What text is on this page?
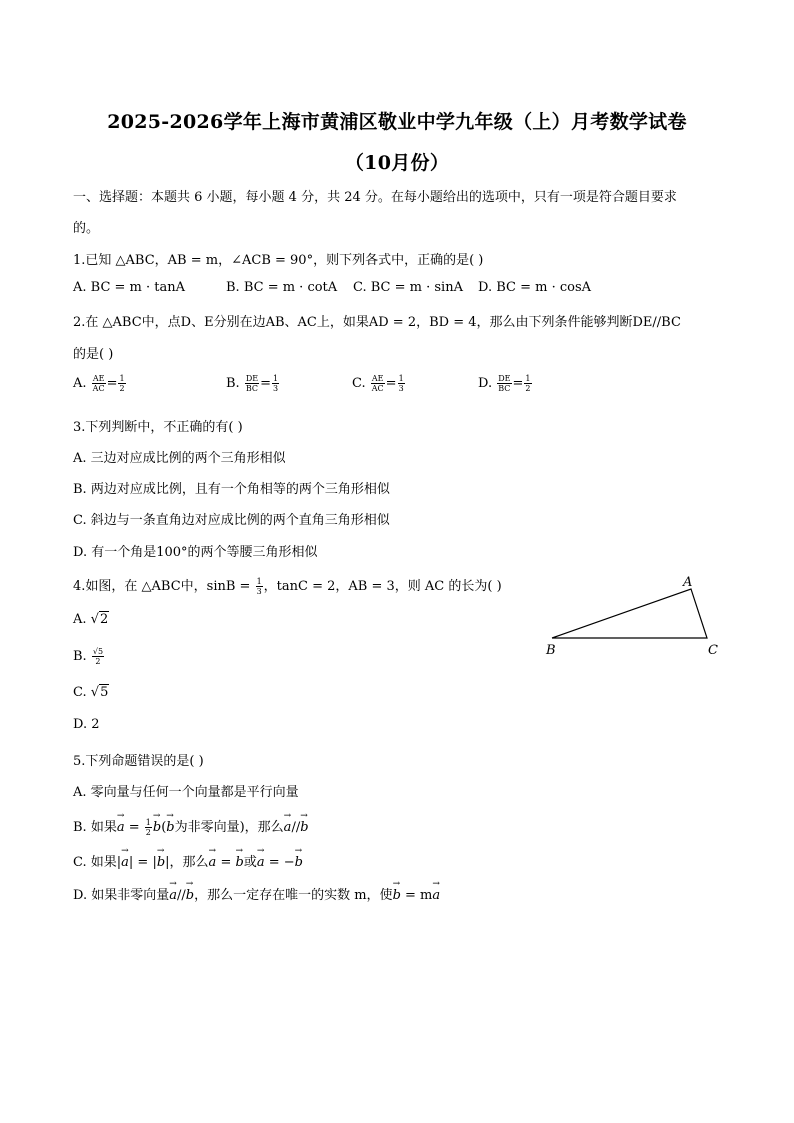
2025-2026学年上海市黄浦区敬业中学九年级（上）月考数学试卷
（10月份）
一、选择题：本题共 6 小题，每小题 4 分，共 24 分。在每小题给出的选项中，只有一项是符合题目要求
的。
1.已知 △ABC，AB = m，∠ACB = 90°，则下列各式中，正确的是( )
A. BC = m · tanA	B. BC = m · cotA C. BC = m · sinA D. BC = m · cosA
2.在 △ABC中，点D、E分别在边AB、AC上，如果AD = 2，BD = 4，那么由下列条件能够判断DE//BC
的是( )
A. $\frac{AE}{AC} = \frac{1}{2}$	B. $\frac{DE}{BC} = \frac{1}{3}$	C. $\frac{AE}{AC} = \frac{1}{3}$	D. $\frac{DE}{BC} = \frac{1}{2}$
3.下列判断中，不正确的有( )
A. 三边对应成比例的两个三角形相似
B. 两边对应成比例，且有一个角相等的两个三角形相似
C. 斜边与一条直角边对应成比例的两个直角三角形相似
D. 有一个角是100°的两个等腰三角形相似
4.如图，在 △ABC中，$\sin B = \frac{1}{3}$ ，tanC = 2，AB = 3，则 AC 的长为( )
A. √2
B. $\frac{√5}{2}$
C. √5
D. 2
A
B	C
5.下列命题错误的是( )
A. 零向量与任何一个向量都是平行向量
B. 如果→ $a = \frac{1}{2}$
→ b(→ b为非零向量)，那么→ a//→ b
C. 如果|→ a| = |→ b|，那么→ a = → b或→ a = −→ b
D. 如果非零向量→ a//→ b，那么一定存在唯一的实数 m，使→ b = m→ a
